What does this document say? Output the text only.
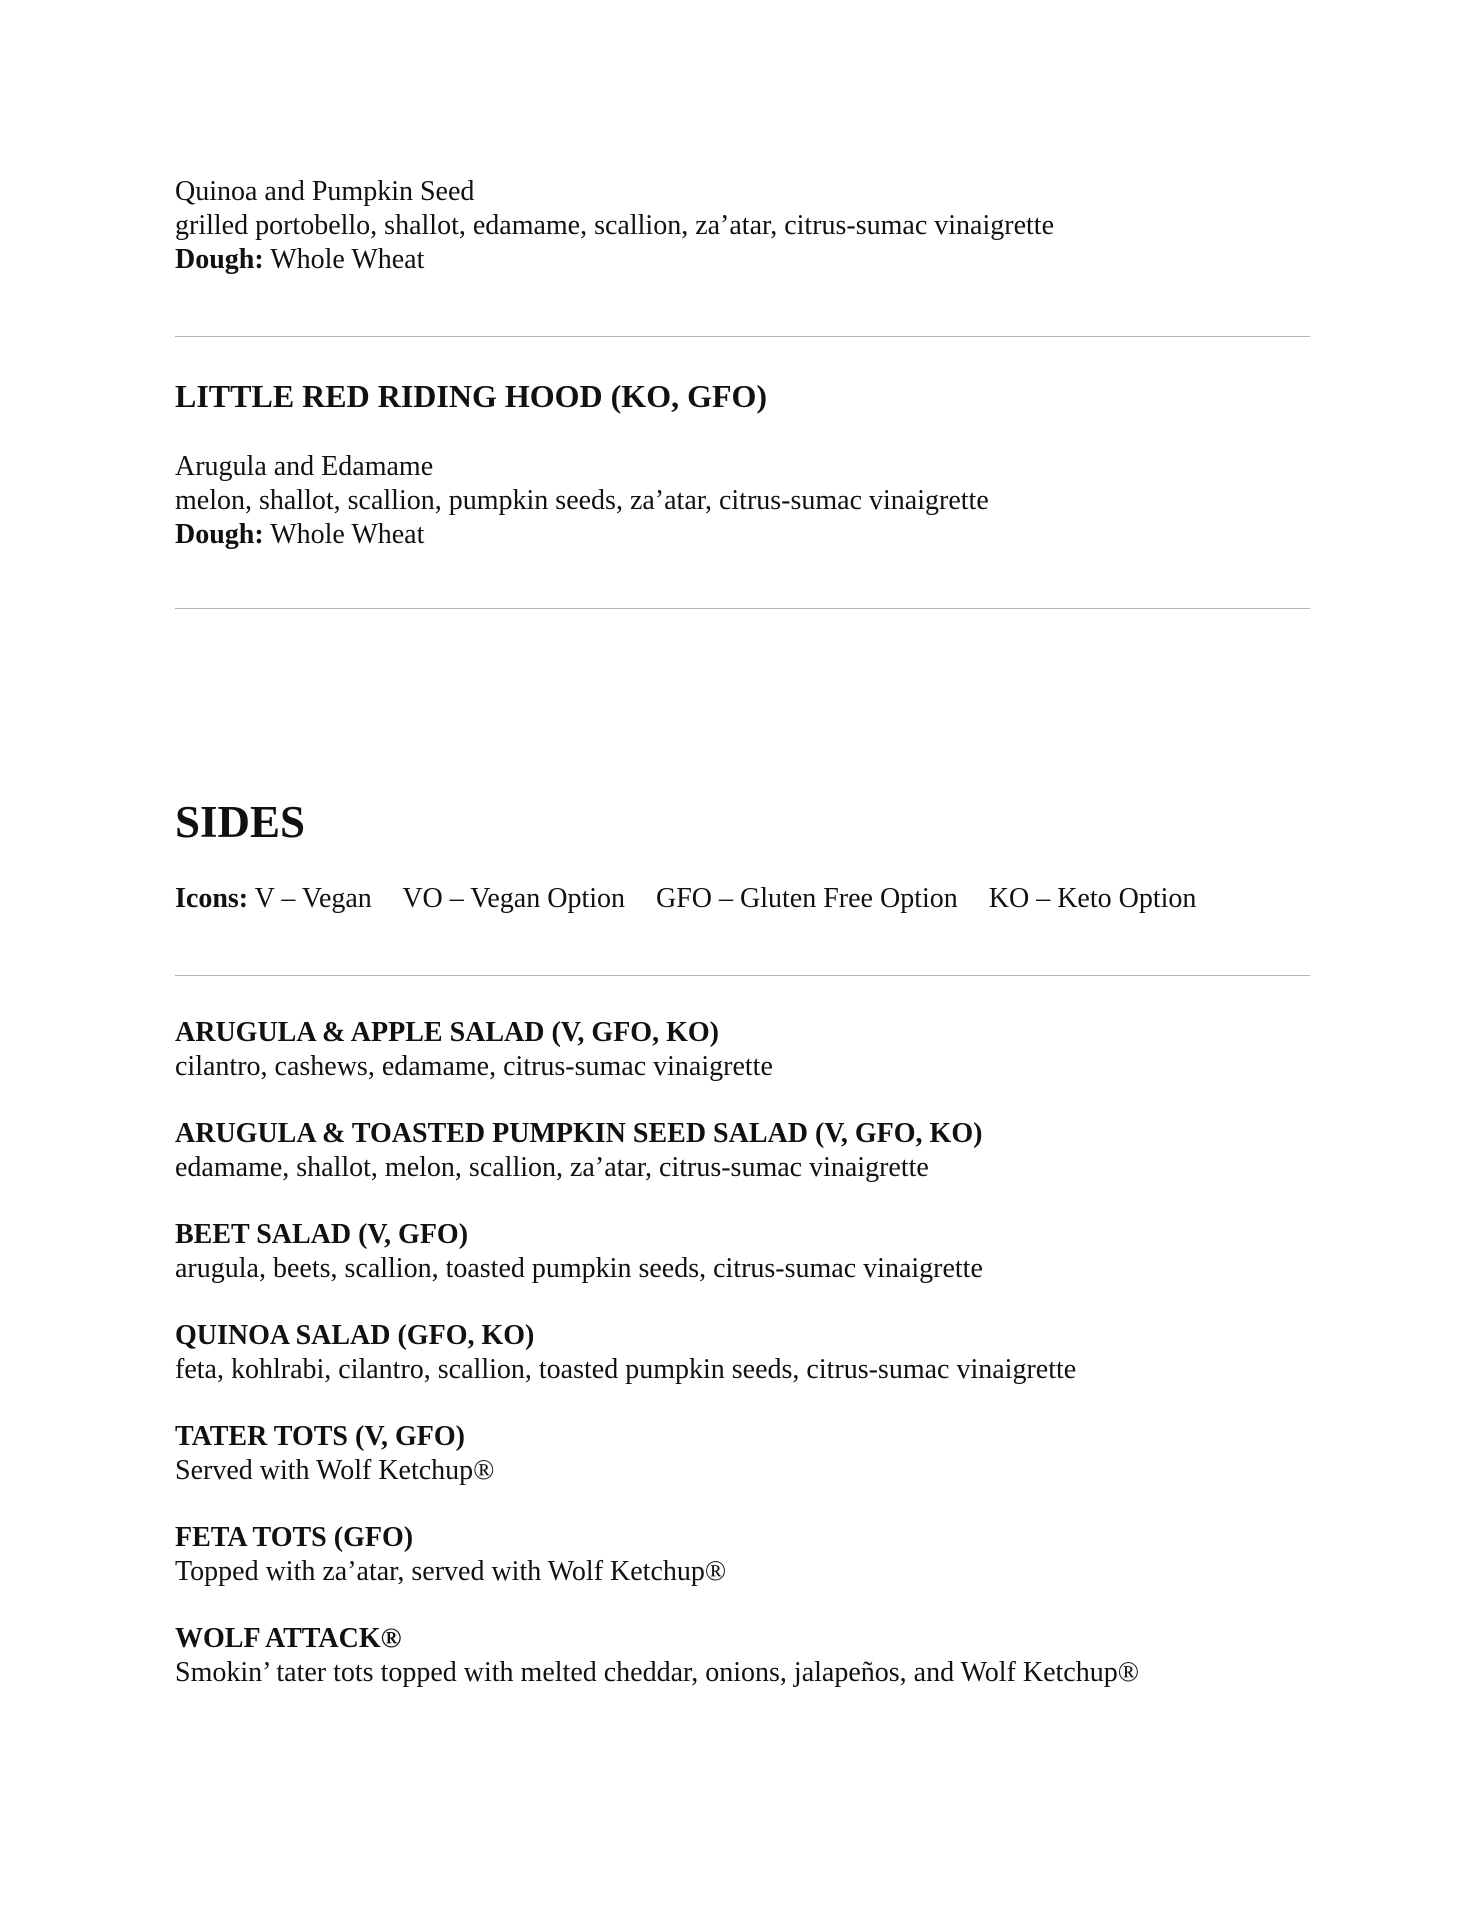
Quinoa and Pumpkin Seed
grilled portobello, shallot, edamame, scallion, za’atar, citrus-sumac vinaigrette
Dough: Whole Wheat
LITTLE RED RIDING HOOD (KO, GFO)
Arugula and Edamame
melon, shallot, scallion, pumpkin seeds, za’atar, citrus-sumac vinaigrette
Dough: Whole Wheat
SIDES
Icons: V – Vegan VO – Vegan Option GFO – Gluten Free Option KO – Keto Option
ARUGULA & APPLE SALAD (V, GFO, KO)
cilantro, cashews, edamame, citrus-sumac vinaigrette
ARUGULA & TOASTED PUMPKIN SEED SALAD (V, GFO, KO)
edamame, shallot, melon, scallion, za’atar, citrus-sumac vinaigrette
BEET SALAD (V, GFO)
arugula, beets, scallion, toasted pumpkin seeds, citrus-sumac vinaigrette
QUINOA SALAD (GFO, KO)
feta, kohlrabi, cilantro, scallion, toasted pumpkin seeds, citrus-sumac vinaigrette
TATER TOTS (V, GFO)
Served with Wolf Ketchup®
FETA TOTS (GFO)
Topped with za’atar, served with Wolf Ketchup®
WOLF ATTACK®
Smokin’ tater tots topped with melted cheddar, onions, jalapeños, and Wolf Ketchup®
